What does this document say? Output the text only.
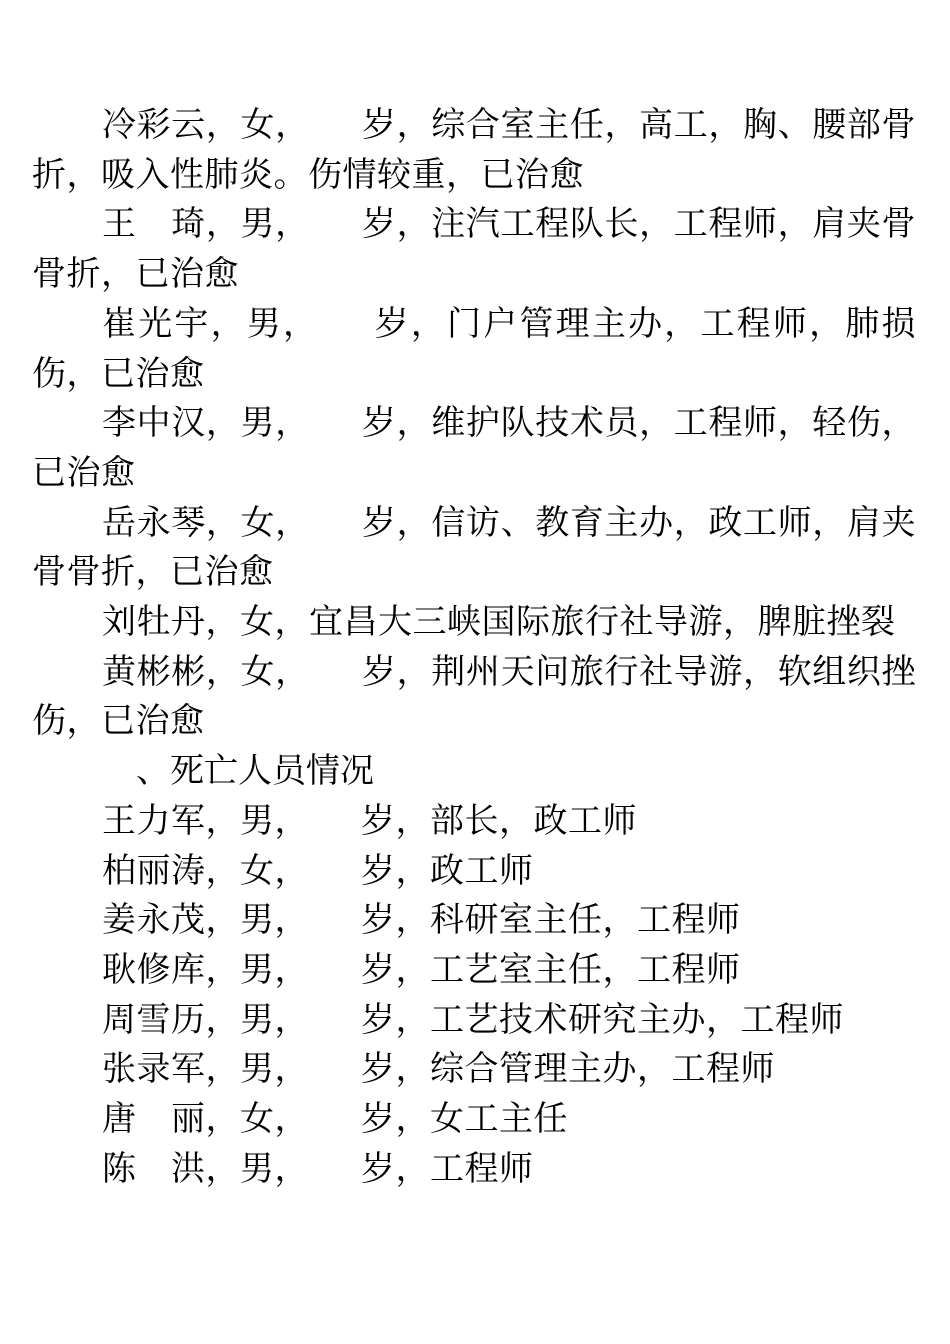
冷彩云，女，　　岁，综合室主任，高工，胸、腰部骨折，吸入性肺炎。伤情较重，已治愈

王　琦，男，　　岁，注汽工程队长，工程师，肩夹骨骨折，已治愈

崔光宇，男，　　岁，门户管理主办，工程师，肺损伤，已治愈

李中汉，男，　　岁，维护队技术员，工程师，轻伤，已治愈

岳永琴，女，　　岁，信访、教育主办，政工师，肩夹骨骨折，已治愈

刘牡丹，女，宜昌大三峡国际旅行社导游，脾脏挫裂

黄彬彬，女，　　岁，荆州天问旅行社导游，软组织挫伤，已治愈

　、死亡人员情况

王力军，男，　　岁，部长，政工师

柏丽涛，女，　　岁，政工师

姜永茂，男，　　岁，科研室主任，工程师

耿修库，男，　　岁，工艺室主任，工程师

周雪历，男，　　岁，工艺技术研究主办，工程师

张录军，男，　　岁，综合管理主办，工程师

唐　丽，女，　　岁，女工主任

陈　洪，男，　　岁，工程师
